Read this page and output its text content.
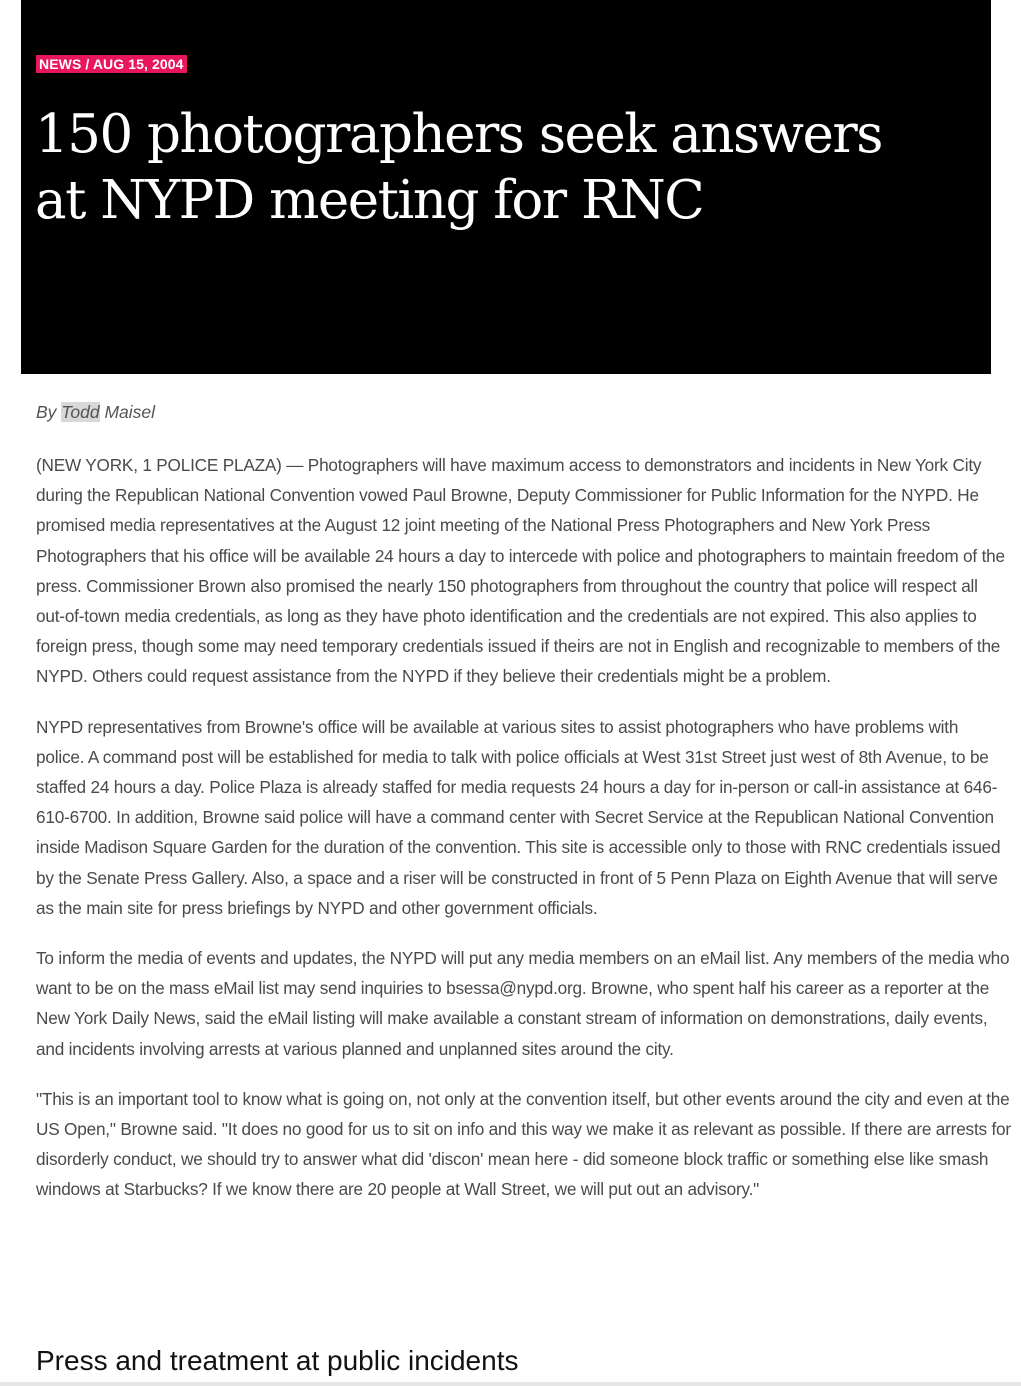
NEWS / AUG 15, 2004
150 photographers seek answers at NYPD meeting for RNC
By Todd Maisel

(NEW YORK, 1 POLICE PLAZA) — Photographers will have maximum access to demonstrators and incidents in New York City during the Republican National Convention vowed Paul Browne, Deputy Commissioner for Public Information for the NYPD. He promised media representatives at the August 12 joint meeting of the National Press Photographers and New York Press Photographers that his office will be available 24 hours a day to intercede with police and photographers to maintain freedom of the press. Commissioner Brown also promised the nearly 150 photographers from throughout the country that police will respect all out-of-town media credentials, as long as they have photo identification and the credentials are not expired. This also applies to foreign press, though some may need temporary credentials issued if theirs are not in English and recognizable to members of the NYPD. Others could request assistance from the NYPD if they believe their credentials might be a problem.

NYPD representatives from Browne's office will be available at various sites to assist photographers who have problems with police. A command post will be established for media to talk with police officials at West 31st Street just west of 8th Avenue, to be staffed 24 hours a day. Police Plaza is already staffed for media requests 24 hours a day for in-person or call-in assistance at 646-610-6700. In addition, Browne said police will have a command center with Secret Service at the Republican National Convention inside Madison Square Garden for the duration of the convention. This site is accessible only to those with RNC credentials issued by the Senate Press Gallery. Also, a space and a riser will be constructed in front of 5 Penn Plaza on Eighth Avenue that will serve as the main site for press briefings by NYPD and other government officials.

To inform the media of events and updates, the NYPD will put any media members on an eMail list. Any members of the media who want to be on the mass eMail list may send inquiries to bsessa@nypd.org. Browne, who spent half his career as a reporter at the New York Daily News, said the eMail listing will make available a constant stream of information on demonstrations, daily events, and incidents involving arrests at various planned and unplanned sites around the city.

"This is an important tool to know what is going on, not only at the convention itself, but other events around the city and even at the US Open," Browne said. "It does no good for us to sit on info and this way we make it as relevant as possible. If there are arrests for disorderly conduct, we should try to answer what did 'discon' mean here - did someone block traffic or something else like smash windows at Starbucks? If we know there are 20 people at Wall Street, we will put out an advisory."

Press and treatment at public incidents
